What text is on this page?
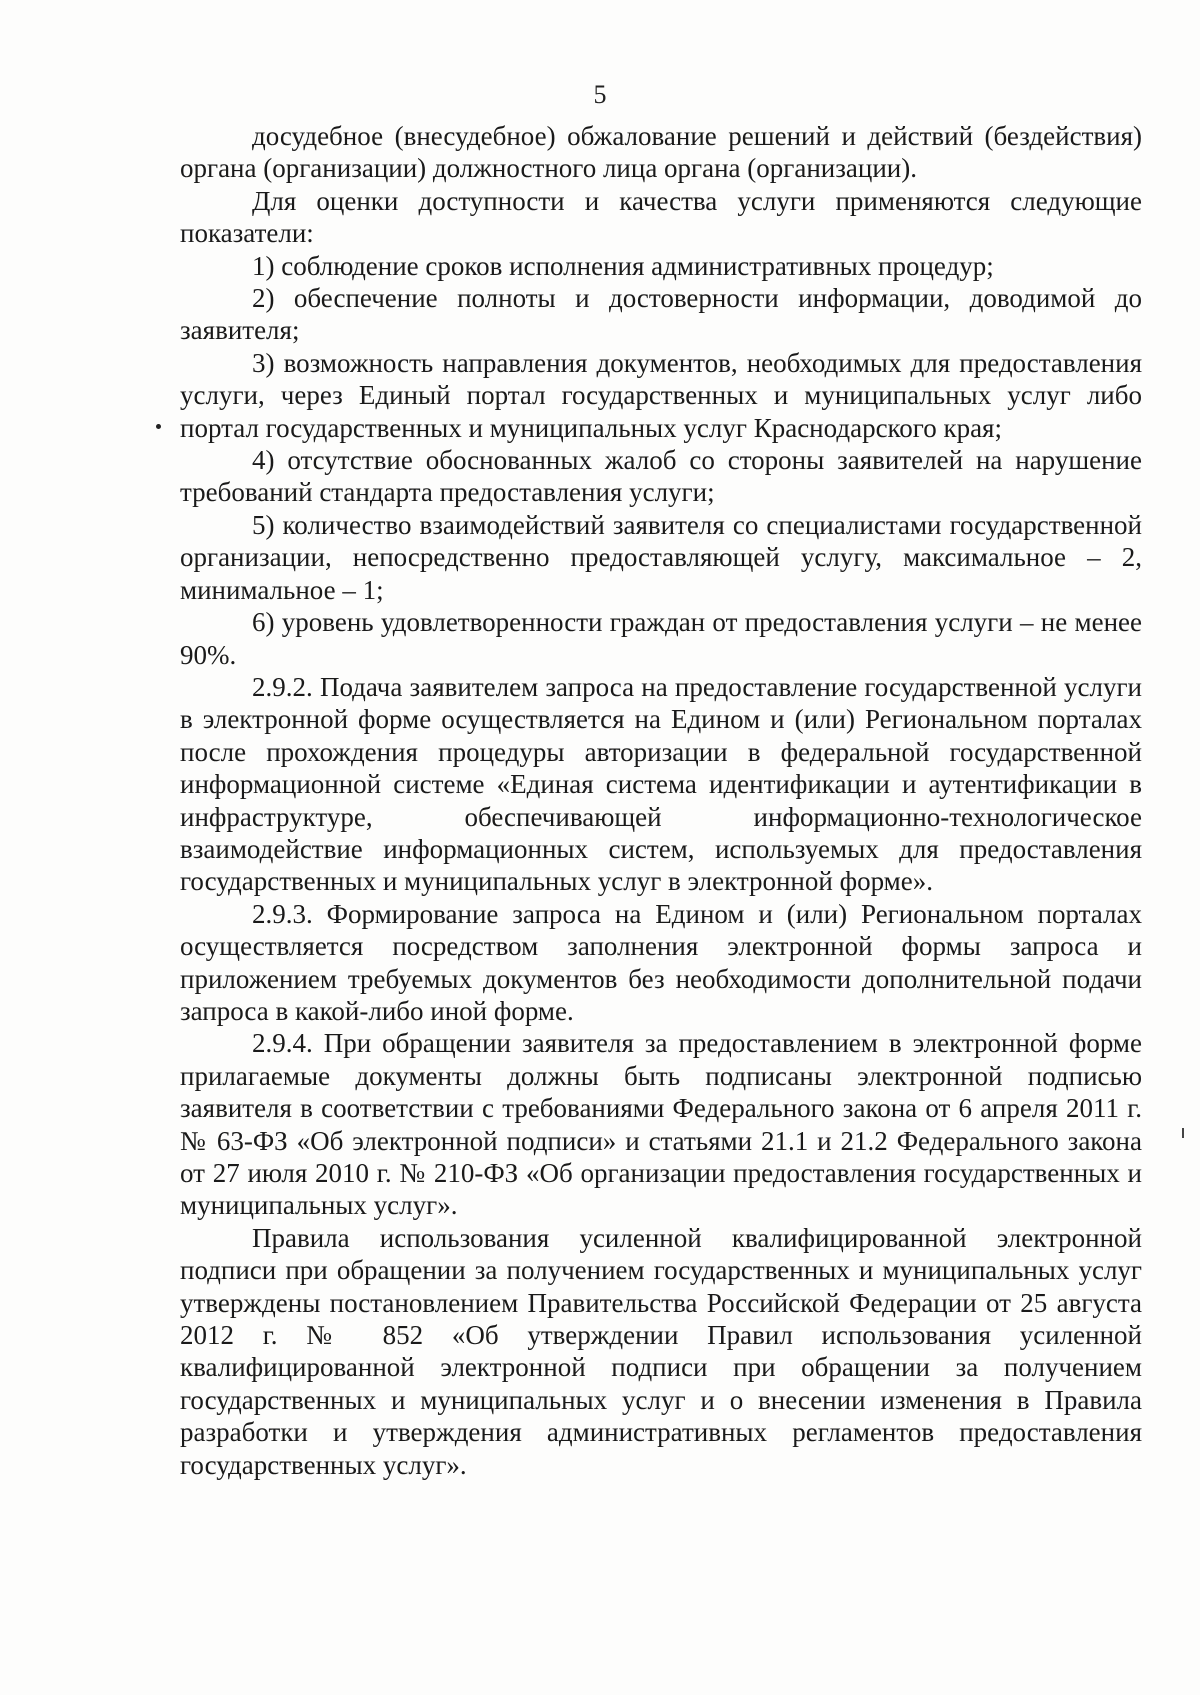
5

досудебное (внесудебное) обжалование решений и действий (бездействия) органа (организации) должностного лица органа (организации).

Для оценки доступности и качества услуги применяются следующие показатели:

1) соблюдение сроков исполнения административных процедур;

2) обеспечение полноты и достоверности информации, доводимой до заявителя;

3) возможность направления документов, необходимых для предоставления услуги, через Единый портал государственных и муниципальных услуг либо портал государственных и муниципальных услуг Краснодарского края;

4) отсутствие обоснованных жалоб со стороны заявителей на нарушение требований стандарта предоставления услуги;

5) количество взаимодействий заявителя со специалистами государственной организации, непосредственно предоставляющей услугу, максимальное – 2, минимальное – 1;

6) уровень удовлетворенности граждан от предоставления услуги – не менее 90%.

2.9.2. Подача заявителем запроса на предоставление государственной услуги в электронной форме осуществляется на Едином и (или) Региональном порталах после прохождения процедуры авторизации в федеральной государственной информационной системе «Единая система идентификации и аутентификации в инфраструктуре, обеспечивающей информационно-технологическое взаимодействие информационных систем, используемых для предоставления государственных и муниципальных услуг в электронной форме».

2.9.3. Формирование запроса на Едином и (или) Региональном порталах осуществляется посредством заполнения электронной формы запроса и приложением требуемых документов без необходимости дополнительной подачи запроса в какой-либо иной форме.

2.9.4. При обращении заявителя за предоставлением в электронной форме прилагаемые документы должны быть подписаны электронной подписью заявителя в соответствии с требованиями Федерального закона от 6 апреля 2011 г. № 63-ФЗ «Об электронной подписи» и статьями 21.1 и 21.2 Федерального закона от 27 июля 2010 г. № 210-ФЗ «Об организации предоставления государственных и муниципальных услуг».

Правила использования усиленной квалифицированной электронной подписи при обращении за получением государственных и муниципальных услуг утверждены постановлением Правительства Российской Федерации от 25 августа 2012 г. № 852 «Об утверждении Правил использования усиленной квалифицированной электронной подписи при обращении за получением государственных и муниципальных услуг и о внесении изменения в Правила разработки и утверждения административных регламентов предоставления государственных услуг».
